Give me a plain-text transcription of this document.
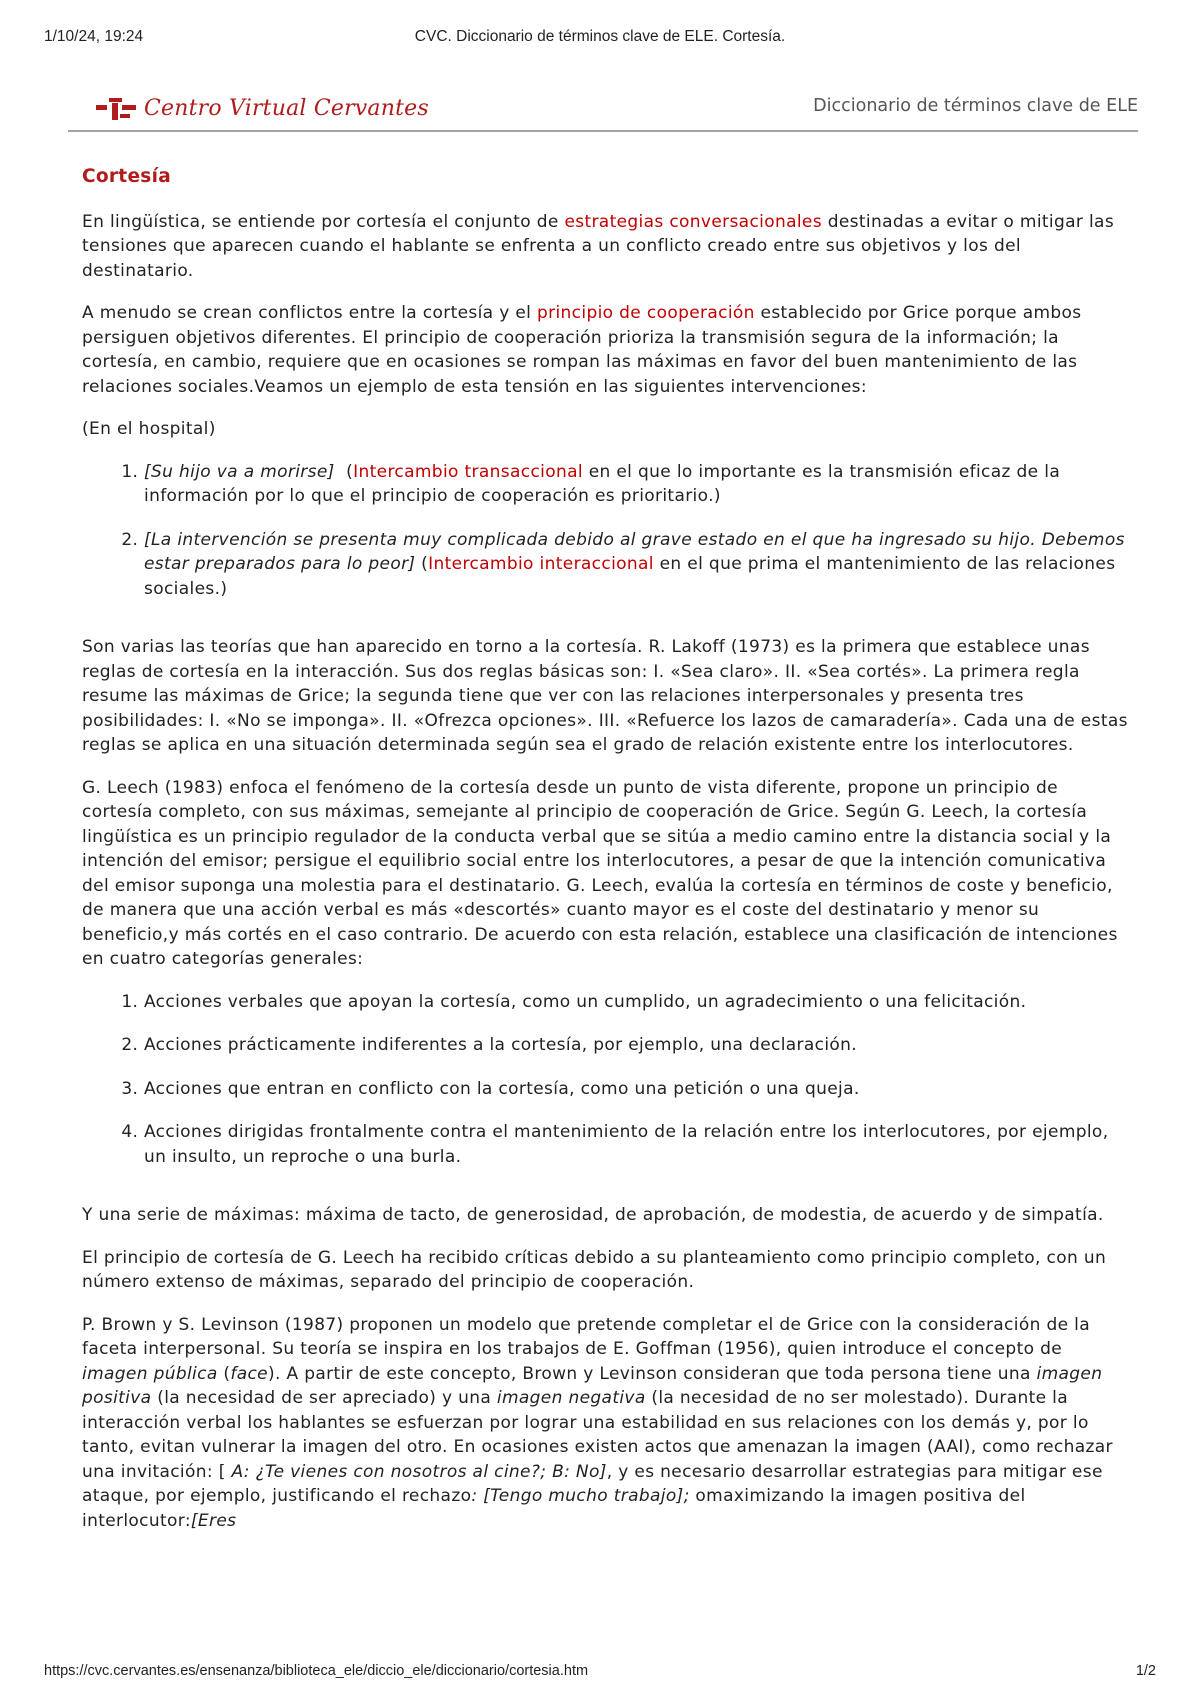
1/10/24, 19:24	CVC. Diccionario de términos clave de ELE. Cortesía.
Centro Virtual Cervantes	Diccionario de términos clave de ELE
Cortesía

En lingüística, se entiende por cortesía el conjunto de estrategias conversacionales destinadas a evitar o mitigar las tensiones que aparecen cuando el hablante se enfrenta a un conflicto creado entre sus objetivos y los del destinatario.

A menudo se crean conflictos entre la cortesía y el principio de cooperación establecido por Grice porque ambos persiguen objetivos diferentes. El principio de cooperación prioriza la transmisión segura de la información; la cortesía, en cambio, requiere que en ocasiones se rompan las máximas en favor del buen mantenimiento de las relaciones sociales.Veamos un ejemplo de esta tensión en las siguientes intervenciones:

(En el hospital)

1. [Su hijo va a morirse]  (Intercambio transaccional en el que lo importante es la transmisión eficaz de la información por lo que el principio de cooperación es prioritario.)
2. [La intervención se presenta muy complicada debido al grave estado en el que ha ingresado su hijo. Debemos estar preparados para lo peor] (Intercambio interaccional en el que prima el mantenimiento de las relaciones sociales.)

Son varias las teorías que han aparecido en torno a la cortesía. R. Lakoff (1973) es la primera que establece unas reglas de cortesía en la interacción. Sus dos reglas básicas son: I. «Sea claro». II. «Sea cortés». La primera regla resume las máximas de Grice; la segunda tiene que ver con las relaciones interpersonales y presenta tres posibilidades: I. «No se imponga». II. «Ofrezca opciones». III. «Refuerce los lazos de camaradería». Cada una de estas reglas se aplica en una situación determinada según sea el grado de relación existente entre los interlocutores.

G. Leech (1983) enfoca el fenómeno de la cortesía desde un punto de vista diferente, propone un principio de cortesía completo, con sus máximas, semejante al principio de cooperación de Grice. Según G. Leech, la cortesía lingüística es un principio regulador de la conducta verbal que se sitúa a medio camino entre la distancia social y la intención del emisor; persigue el equilibrio social entre los interlocutores, a pesar de que la intención comunicativa del emisor suponga una molestia para el destinatario. G. Leech, evalúa la cortesía en términos de coste y beneficio, de manera que una acción verbal es más «descortés» cuanto mayor es el coste del destinatario y menor su beneficio,y más cortés en el caso contrario. De acuerdo con esta relación, establece una clasificación de intenciones en cuatro categorías generales:

1. Acciones verbales que apoyan la cortesía, como un cumplido, un agradecimiento o una felicitación.
2. Acciones prácticamente indiferentes a la cortesía, por ejemplo, una declaración.
3. Acciones que entran en conflicto con la cortesía, como una petición o una queja.
4. Acciones dirigidas frontalmente contra el mantenimiento de la relación entre los interlocutores, por ejemplo, un insulto, un reproche o una burla.

Y una serie de máximas: máxima de tacto, de generosidad, de aprobación, de modestia, de acuerdo y de simpatía.

El principio de cortesía de G. Leech ha recibido críticas debido a su planteamiento como principio completo, con un número extenso de máximas, separado del principio de cooperación.

P. Brown y S. Levinson (1987) proponen un modelo que pretende completar el de Grice con la consideración de la faceta interpersonal. Su teoría se inspira en los trabajos de E. Goffman (1956), quien introduce el concepto de imagen pública (face). A partir de este concepto, Brown y Levinson consideran que toda persona tiene una imagen positiva (la necesidad de ser apreciado) y una imagen negativa (la necesidad de no ser molestado). Durante la interacción verbal los hablantes se esfuerzan por lograr una estabilidad en sus relaciones con los demás y, por lo tanto, evitan vulnerar la imagen del otro. En ocasiones existen actos que amenazan la imagen (AAI), como rechazar una invitación: [ A: ¿Te vienes con nosotros al cine?; B: No], y es necesario desarrollar estrategias para mitigar ese ataque, por ejemplo, justificando el rechazo: [Tengo mucho trabajo]; omaximizando la imagen positiva del interlocutor:[Eres

https://cvc.cervantes.es/ensenanza/biblioteca_ele/diccio_ele/diccionario/cortesia.htm	1/2
